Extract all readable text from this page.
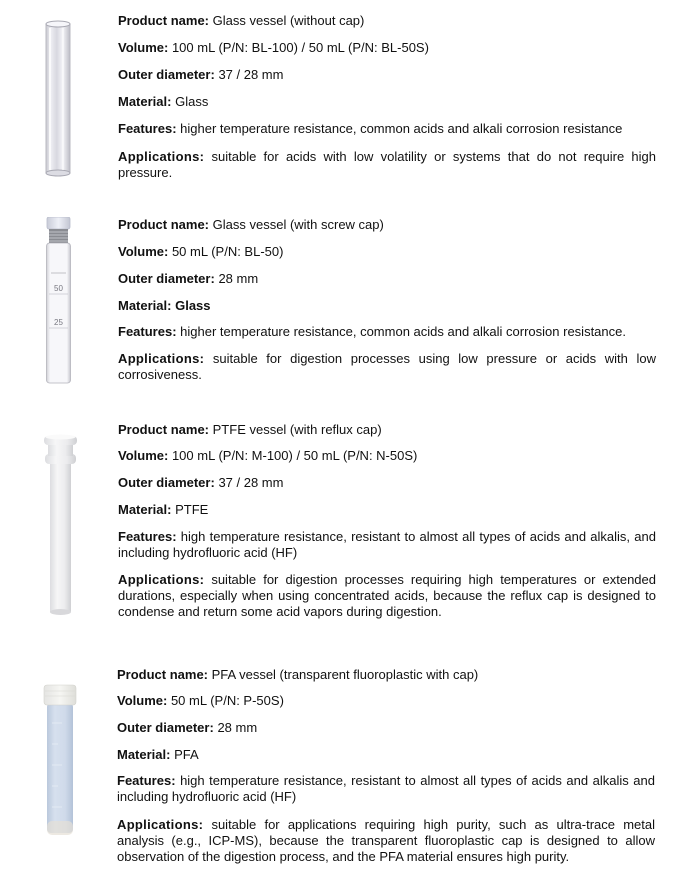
Product name: Glass vessel (without cap)
Volume: 100 mL (P/N: BL-100) / 50 mL (P/N: BL-50S)
Outer diameter: 37 / 28 mm
Material: Glass
Features: higher temperature resistance, common acids and alkali corrosion resistance
Applications: suitable for acids with low volatility or systems that do not require high pressure.
50
25
Product name: Glass vessel (with screw cap)
Volume: 50 mL (P/N: BL-50)
Outer diameter: 28 mm
Material: Glass
Features: higher temperature resistance, common acids and alkali corrosion resistance.
Applications: suitable for digestion processes using low pressure or acids with low corrosiveness.
Product name: PTFE vessel (with reflux cap)
Volume: 100 mL (P/N: M-100) / 50 mL (P/N: N-50S)
Outer diameter: 37 / 28 mm
Material: PTFE
Features: high temperature resistance, resistant to almost all types of acids and alkalis, and including hydrofluoric acid (HF)
Applications: suitable for digestion processes requiring high temperatures or extended durations, especially when using concentrated acids, because the reflux cap is designed to condense and return some acid vapors during digestion.
Product name: PFA vessel (transparent fluoroplastic with cap)
Volume: 50 mL (P/N: P-50S)
Outer diameter: 28 mm
Material: PFA
Features: high temperature resistance, resistant to almost all types of acids and alkalis and including hydrofluoric acid (HF)
Applications: suitable for applications requiring high purity, such as ultra-trace metal analysis (e.g., ICP-MS), because the transparent fluoroplastic cap is designed to allow observation of the digestion process, and the PFA material ensures high purity.
